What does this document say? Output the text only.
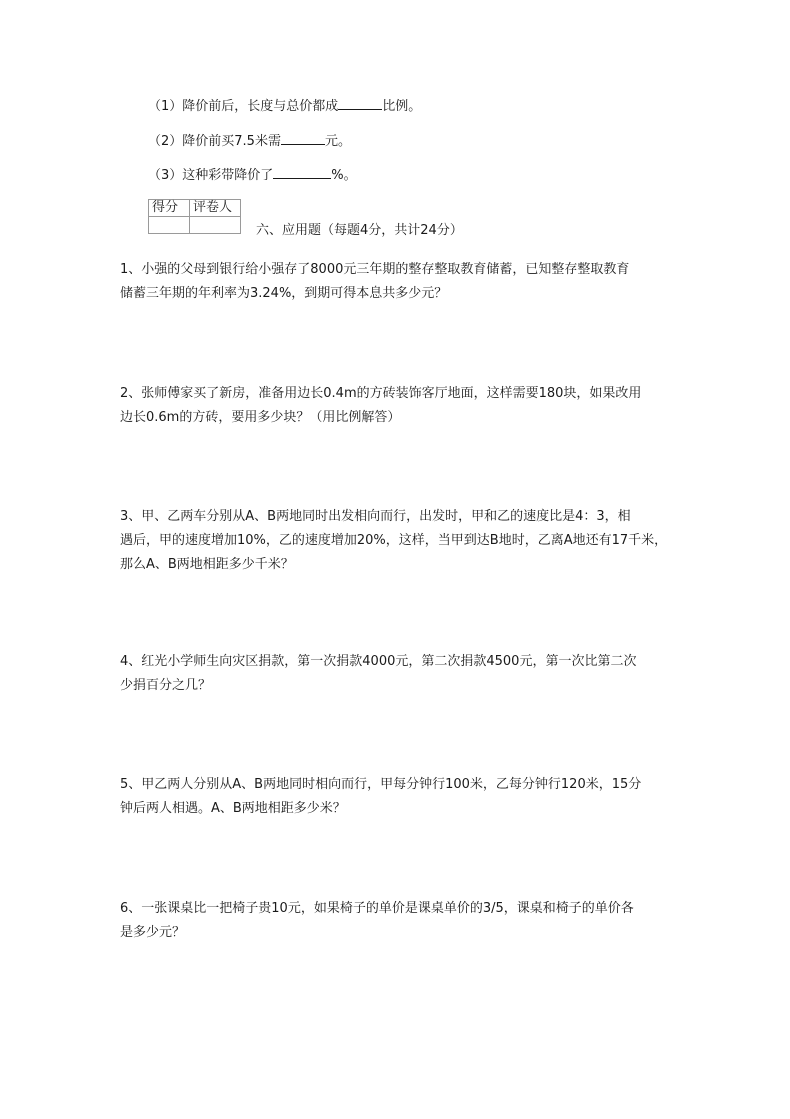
（1）降价前后，长度与总价都成	比例。
（2）降价前买7.5米需	元。
（3）这种彩带降价了	%。
得分	评卷人

六、应用题（每题4分，共计24分）

1、小强的父母到银行给小强存了8000元三年期的整存整取教育储蓄，已知整存整取教育

储蓄三年期的年利率为3.24%，到期可得本息共多少元？

2、张师傅家买了新房，准备用边长0.4m的方砖装饰客厅地面，这样需要180块，如果改用

边长0.6m的方砖，要用多少块？（用比例解答）

3、甲、乙两车分别从A、B两地同时出发相向而行，出发时，甲和乙的速度比是4：3，相

遇后，甲的速度增加10%，乙的速度增加20%，这样，当甲到达B地时，乙离A地还有17千米，

那么A、B两地相距多少千米？

4、红光小学师生向灾区捐款，第一次捐款4000元，第二次捐款4500元，第一次比第二次

少捐百分之几？

5、甲乙两人分别从A、B两地同时相向而行，甲每分钟行100米，乙每分钟行120米，15分

钟后两人相遇。A、B两地相距多少米？

6、一张课桌比一把椅子贵10元，如果椅子的单价是课桌单价的3/5，课桌和椅子的单价各

是多少元？
